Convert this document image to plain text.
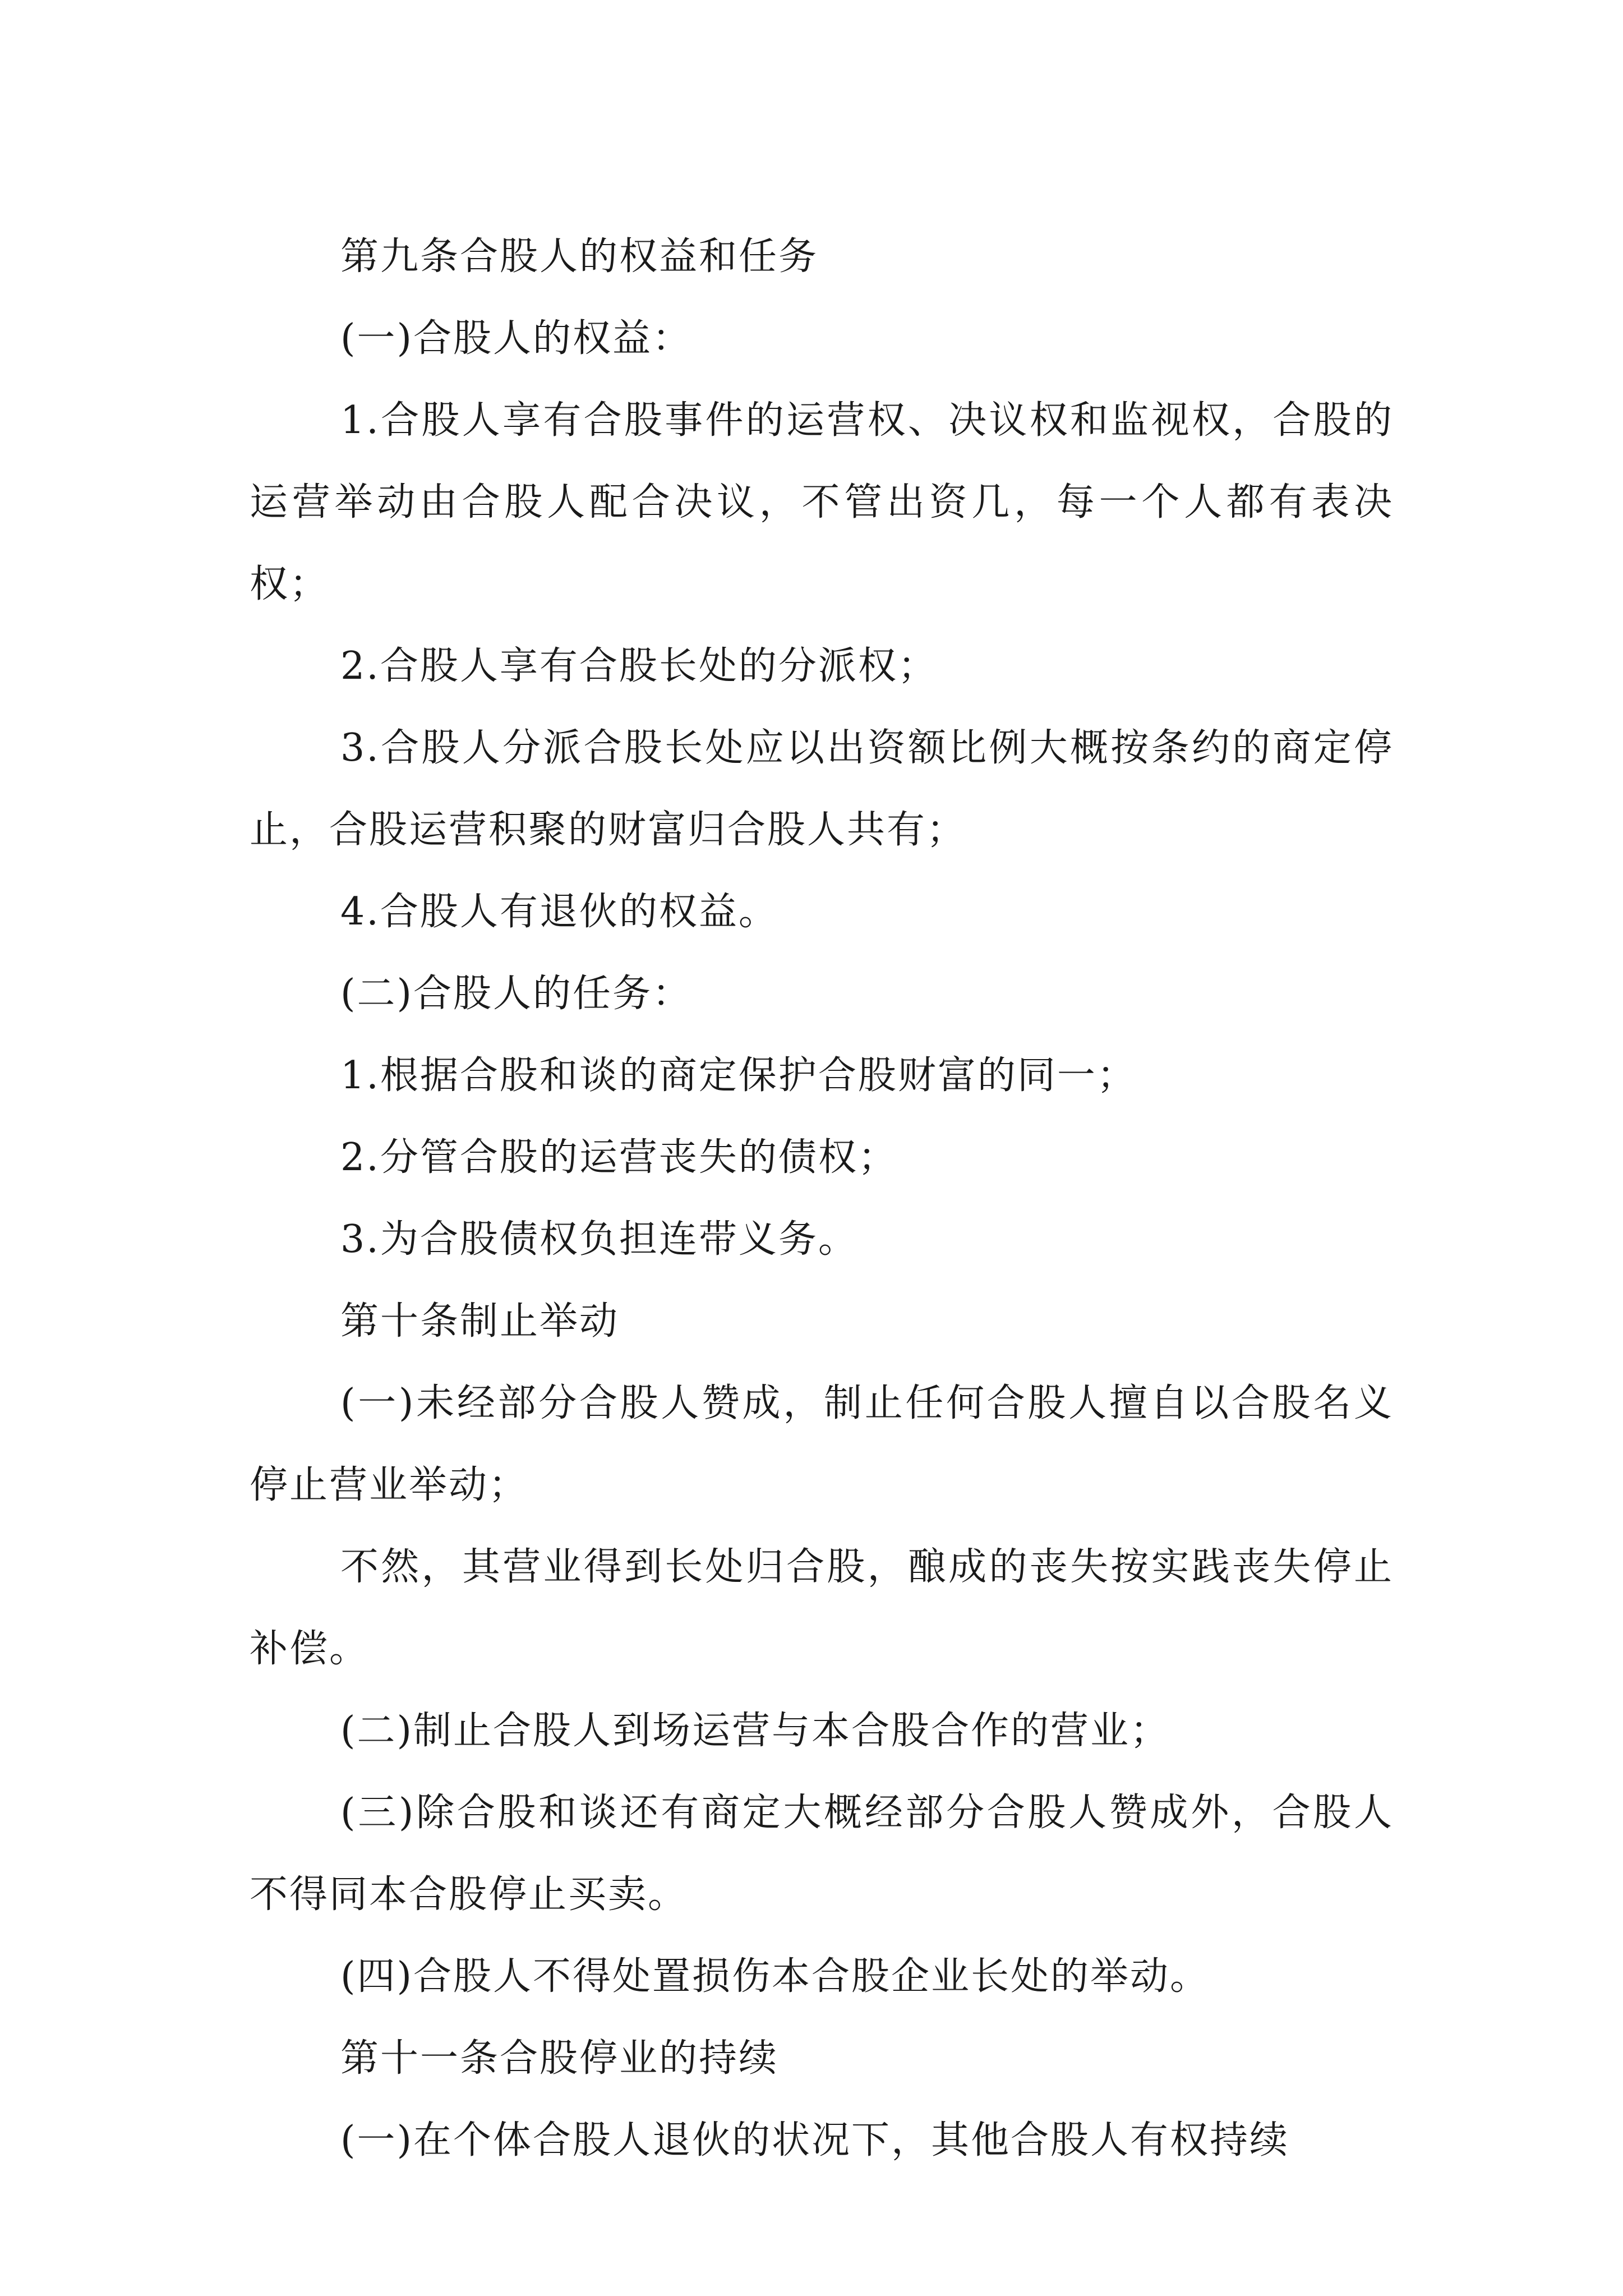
第九条合股人的权益和任务

(一)合股人的权益：

1.合股人享有合股事件的运营权、决议权和监视权，合股的运营举动由合股人配合决议，不管出资几，每一个人都有表决权；

2.合股人享有合股长处的分派权；

3.合股人分派合股长处应以出资额比例大概按条约的商定停止，合股运营积聚的财富归合股人共有；

4.合股人有退伙的权益。

(二)合股人的任务：

1.根据合股和谈的商定保护合股财富的同一；

2.分管合股的运营丧失的债权；

3.为合股债权负担连带义务。

第十条制止举动

(一)未经部分合股人赞成，制止任何合股人擅自以合股名义停止营业举动；

不然，其营业得到长处归合股，酿成的丧失按实践丧失停止补偿。

(二)制止合股人到场运营与本合股合作的营业；

(三)除合股和谈还有商定大概经部分合股人赞成外，合股人不得同本合股停止买卖。

(四)合股人不得处置损伤本合股企业长处的举动。

第十一条合股停业的持续

(一)在个体合股人退伙的状况下，其他合股人有权持续
